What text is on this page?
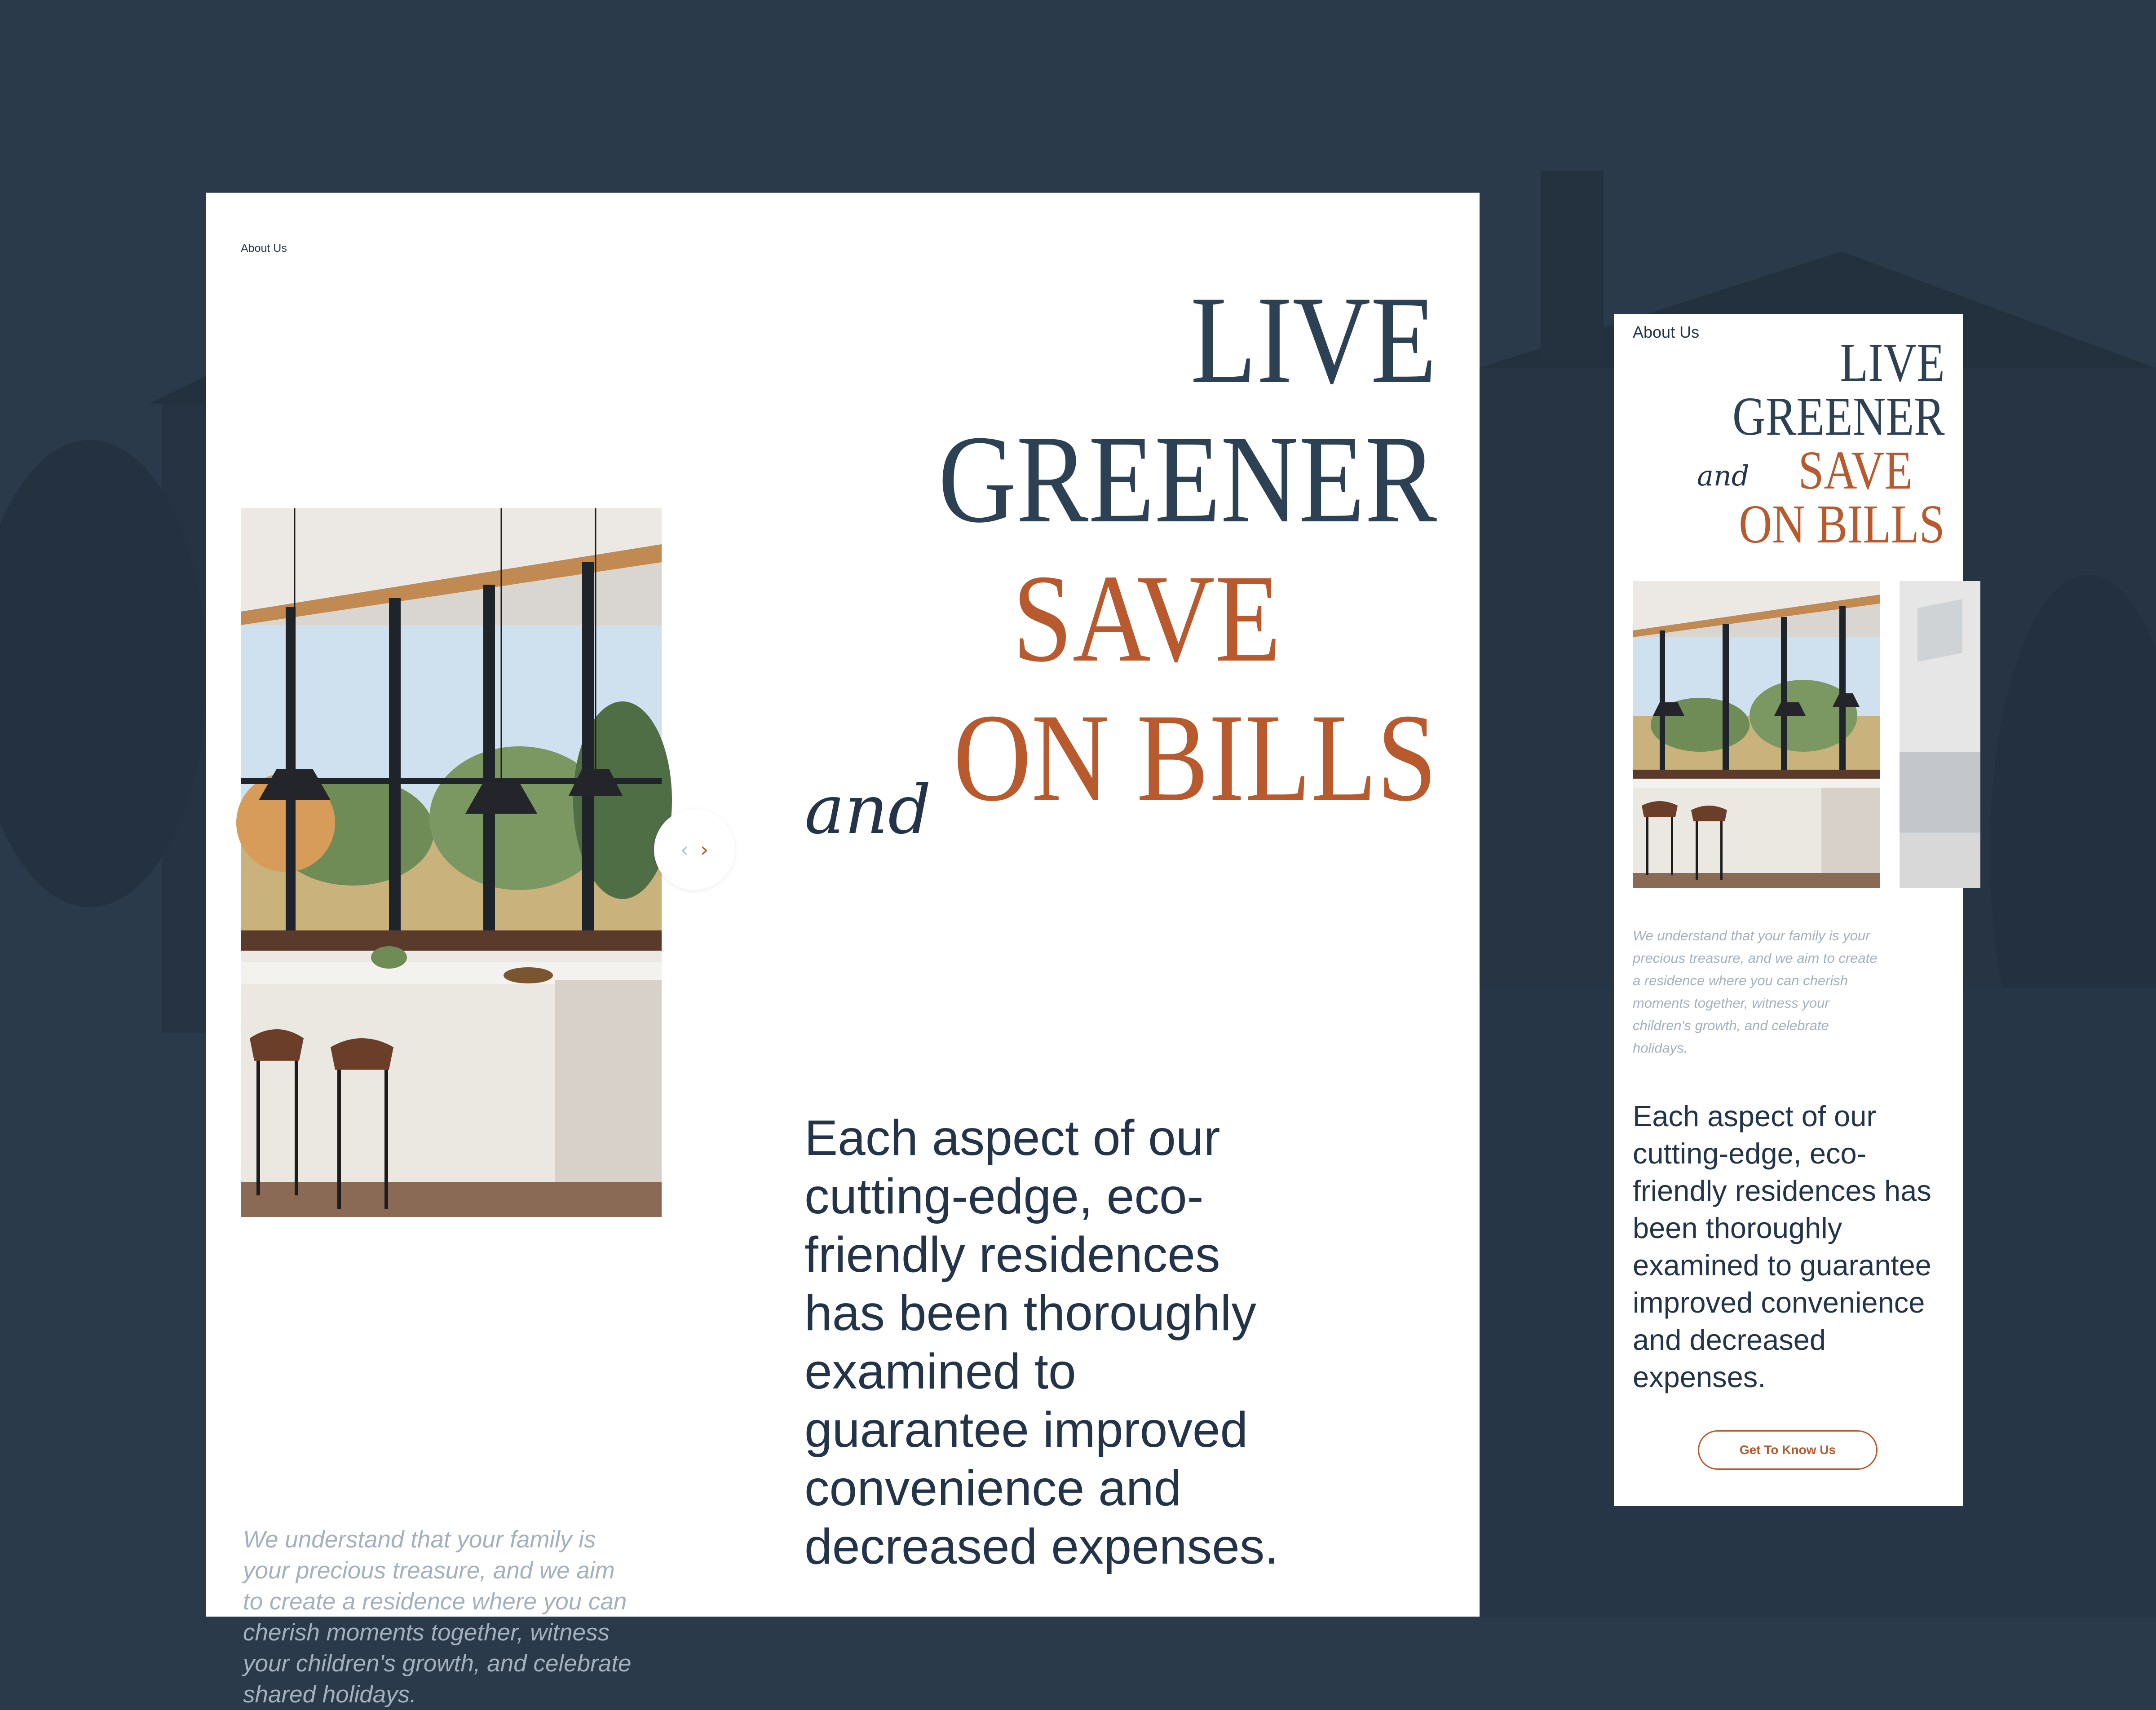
About Us
LIVE
GREENER
and
SAVE
ON BILLS
‹ ›

We understand that your family is your precious treasure, and we aim to create a residence where you can cherish moments together, witness your children's growth, and celebrate shared holidays.

Each aspect of our cutting-edge, eco-friendly residences has been thoroughly examined to guarantee improved convenience and decreased expenses.

About Us
LIVE
GREENER
and SAVE
ON BILLS

We understand that your family is your precious treasure, and we aim to create a residence where you can cherish moments together, witness your children's growth, and celebrate holidays.

Each aspect of our cutting-edge, eco-friendly residences has been thoroughly examined to guarantee improved convenience and decreased expenses.

Get To Know Us
